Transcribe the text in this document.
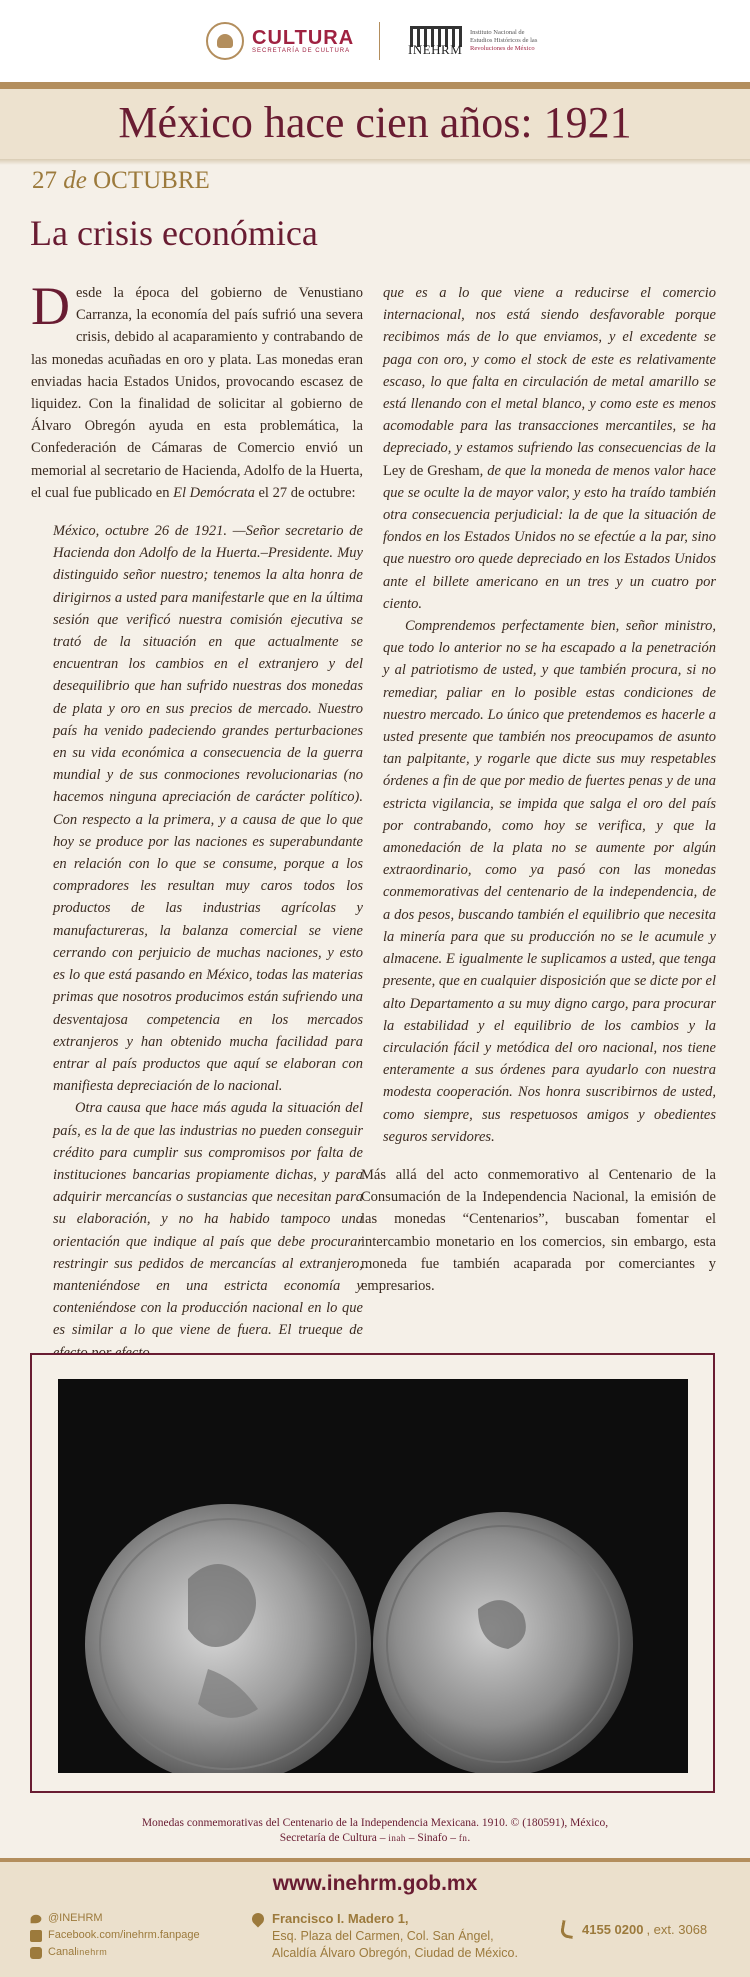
CULTURA
SECRETARÍA DE CULTURA	INEHRM
Instituto Nacional de
Estudios Históricos de las
Revoluciones de México
México hace cien años: 1921
27 de OCTUBRE
La crisis económica

Desde la época del gobierno de Venustiano Carranza, la economía del país sufrió una severa crisis, debido al acaparamiento y contrabando de las monedas acuñadas en oro y plata. Las monedas eran enviadas hacia Estados Unidos, provocando escasez de liquidez. Con la finalidad de solicitar al gobierno de Álvaro Obregón ayuda en esta problemática, la Confederación de Cámaras de Comercio envió un memorial al secretario de Hacienda, Adolfo de la Huerta, el cual fue publicado en El Demócrata el 27 de octubre:

México, octubre 26 de 1921. —Señor secretario de Hacienda don Adolfo de la Huerta.–Presidente. Muy distinguido señor nuestro; tenemos la alta honra de dirigirnos a usted para manifestarle que en la última sesión que verificó nuestra comisión ejecutiva se trató de la situación en que actualmente se encuentran los cambios en el extranjero y del desequilibrio que han sufrido nuestras dos monedas de plata y oro en sus precios de mercado. Nuestro país ha venido padeciendo grandes perturbaciones en su vida económica a consecuencia de la guerra mundial y de sus conmociones revolucionarias (no hacemos ninguna apreciación de carácter político). Con respecto a la primera, y a causa de que lo que hoy se produce por las naciones es superabundante en relación con lo que se consume, porque a los compradores les resultan muy caros todos los productos de las industrias agrícolas y manufactureras, la balanza comercial se viene cerrando con perjuicio de muchas naciones, y esto es lo que está pasando en México, todas las materias primas que nosotros producimos están sufriendo una desventajosa competencia en los mercados extranjeros y han obtenido mucha facilidad para entrar al país productos que aquí se elaboran con manifiesta depreciación de lo nacional.

Otra causa que hace más aguda la situación del país, es la de que las industrias no pueden conseguir crédito para cumplir sus compromisos por falta de instituciones bancarias propiamente dichas, y para adquirir mercancías o sustancias que necesitan para su elaboración, y no ha habido tampoco una orientación que indique al país que debe procurar restringir sus pedidos de mercancías al extranjero, manteniéndose en una estricta economía y conteniéndose con la producción nacional en lo que es similar a lo que viene de fuera. El trueque de

que es a lo que viene a reducirse el comercio internacional, nos está siendo desfavorable porque recibimos más de lo que enviamos, y el excedente se paga con oro, y como el stock de este es relativamente escaso, lo que falta en circulación de metal amarillo se está llenando con el metal blanco, y como este es menos acomodable para las transacciones mercantiles, se ha depreciado, y estamos sufriendo las consecuencias de la Ley de Gresham, de que la moneda de menos valor hace que se oculte la de mayor valor, y esto ha traído también otra consecuencia perjudicial: la de que la situación de fondos en los Estados Unidos no se efectúe a la par, sino que nuestro oro quede depreciado en los Estados Unidos ante el billete americano en un tres y un cuatro por ciento.

Comprendemos perfectamente bien, señor ministro, que todo lo anterior no se ha escapado a la penetración y al patriotismo de usted, y que también procura, si no remediar, paliar en lo posible estas condiciones de nuestro mercado. Lo único que pretendemos es hacerle a usted presente que también nos preocupamos de asunto tan palpitante, y rogarle que dicte sus muy respetables órdenes a fin de que por medio de fuertes penas y de una estricta vigilancia, se impida que salga el oro del país por contrabando, como hoy se verifica, y que la amonedación de la plata no se aumente por algún extraordinario, como ya pasó con las monedas conmemorativas del centenario de la independencia, de a dos pesos, buscando también el equilibrio que necesita la minería para que su producción no se le acumule y almacene. E igualmente le suplicamos a usted, que tenga presente, que en cualquier disposición que se dicte por el alto Departamento a su muy digno cargo, para procurar la estabilidad y el equilibrio de los cambios y la circulación fácil y metódica del oro nacional, nos tiene enteramente a sus órdenes para ayudarlo con nuestra modesta cooperación. Nos honra suscribirnos de usted, como siempre, sus respetuosos amigos y obedientes seguros servidores.

Más allá del acto conmemorativo al Centenario de la Consumación de la Independencia Nacional, la emisión de las monedas “Centenarios”, buscaban fomentar el intercambio monetario en los comercios, sin embargo, esta moneda fue también acaparada por comerciantes y empresarios.

Monedas conmemorativas del Centenario de la Independencia Mexicana. 1910. © (180591), México,
Secretaría de Cultura – inah – Sinafo – fn.
www.inehrm.gob.mx
@INEHRM
Facebook.com/inehrm.fanpage
Canal inehrm
Francisco I. Madero 1,
Esq. Plaza del Carmen, Col. San Ángel,
Alcaldía Álvaro Obregón, Ciudad de México.
4155 0200 , ext. 3068
